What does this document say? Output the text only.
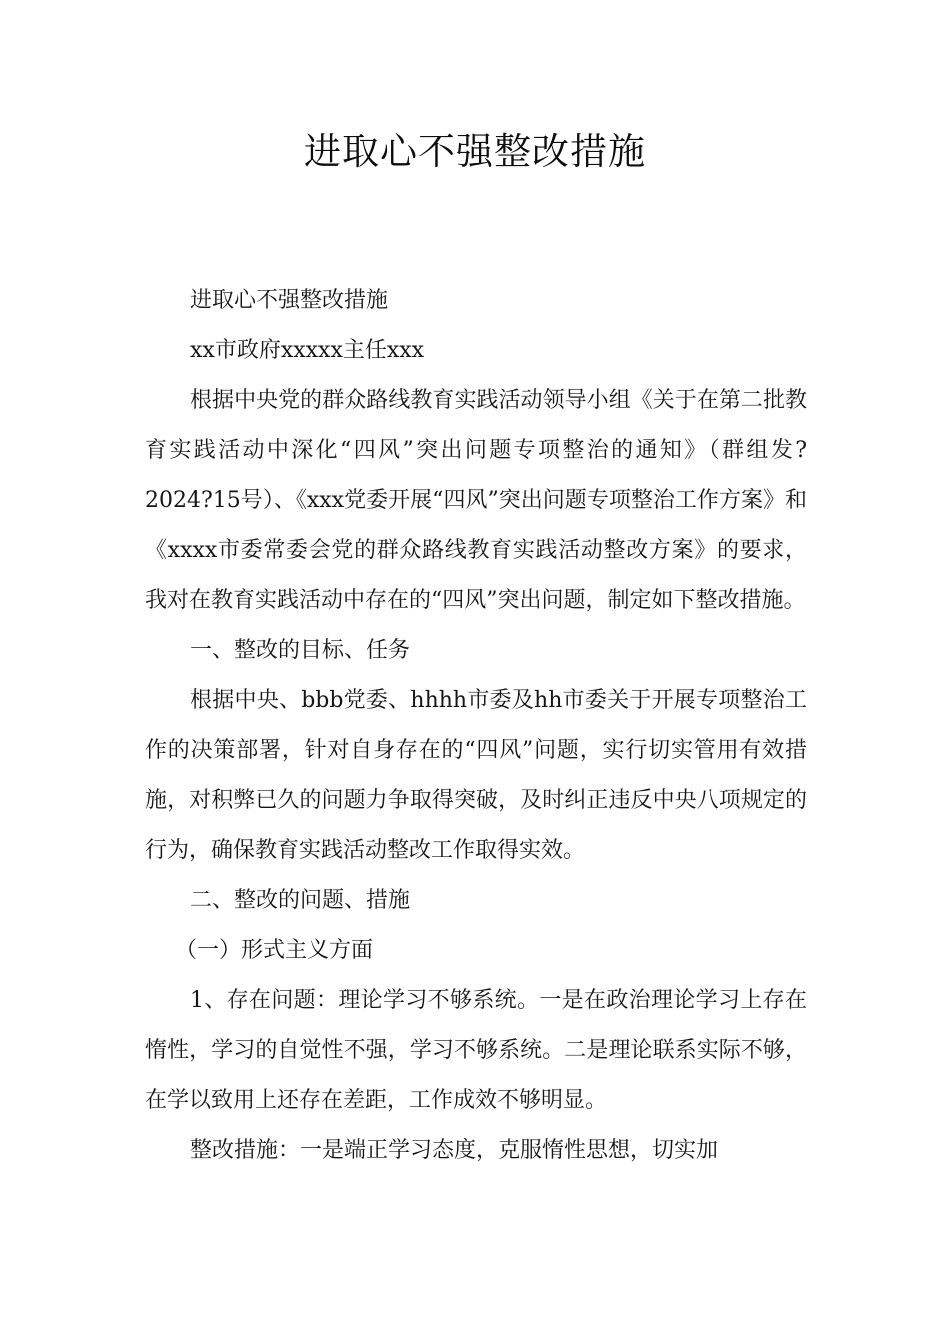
进取心不强整改措施

进取心不强整改措施

xx市政府xxxxx主任xxx

根据中央党的群众路线教育实践活动领导小组《关于在第二批教育实践活动中深化“四风”突出问题专项整治的通知》（群组发?2024?15号）、《xxx党委开展“四风”突出问题专项整治工作方案》和《xxxx市委常委会党的群众路线教育实践活动整改方案》的要求，我对在教育实践活动中存在的“四风”突出问题，制定如下整改措施。

一、整改的目标、任务

根据中央、bbb党委、hhhh市委及hh市委关于开展专项整治工作的决策部署，针对自身存在的“四风”问题，实行切实管用有效措施，对积弊已久的问题力争取得突破，及时纠正违反中央八项规定的行为，确保教育实践活动整改工作取得实效。

二、整改的问题、措施

（一）形式主义方面

1、存在问题：理论学习不够系统。一是在政治理论学习上存在惰性，学习的自觉性不强，学习不够系统。二是理论联系实际不够，在学以致用上还存在差距，工作成效不够明显。

整改措施：一是端正学习态度，克服惰性思想，切实加
